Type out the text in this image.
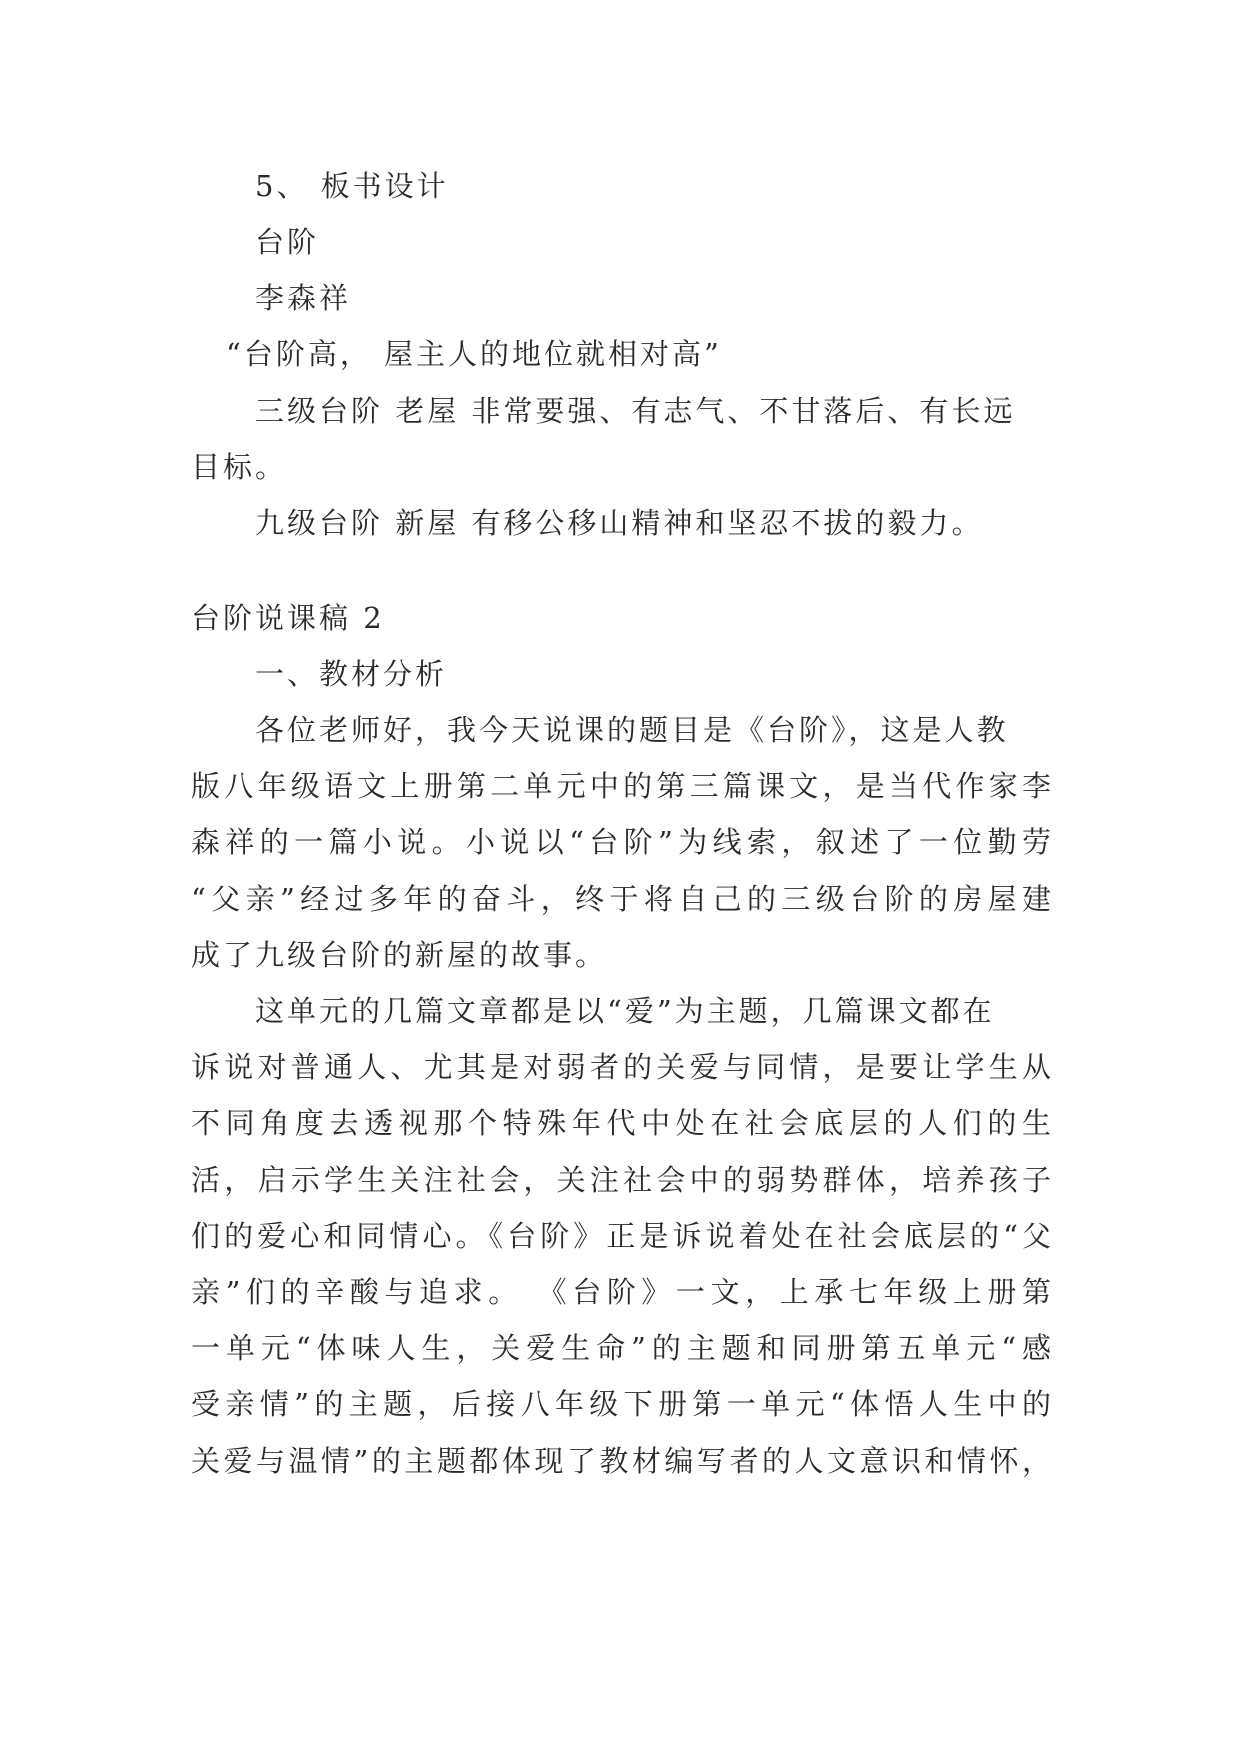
5、 板书设计
台阶
李森祥
“台阶高， 屋主人的地位就相对高”
三级台阶 老屋 非常要强、有志气、不甘落后、有长远
目标。
九级台阶 新屋 有移公移山精神和坚忍不拔的毅力。
台阶说课稿 2
一、教材分析
各位老师好，我今天说课的题目是《台阶》，这是人教
版八年级语文上册第二单元中的第三篇课文，是当代作家李
森祥的一篇小说。小说以“台阶”为线索，叙述了一位勤劳
“父亲”经过多年的奋斗，终于将自己的三级台阶的房屋建
成了九级台阶的新屋的故事。
这单元的几篇文章都是以“爱”为主题，几篇课文都在
诉说对普通人、尤其是对弱者的关爱与同情，是要让学生从
不同角度去透视那个特殊年代中处在社会底层的人们的生
活，启示学生关注社会，关注社会中的弱势群体，培养孩子
们的爱心和同情心。《台阶》正是诉说着处在社会底层的“父
亲”们的辛酸与追求。 《台阶》一文，上承七年级上册第
一单元“体味人生，关爱生命”的主题和同册第五单元“感
受亲情”的主题，后接八年级下册第一单元“体悟人生中的
关爱与温情”的主题都体现了教材编写者的人文意识和情怀，
